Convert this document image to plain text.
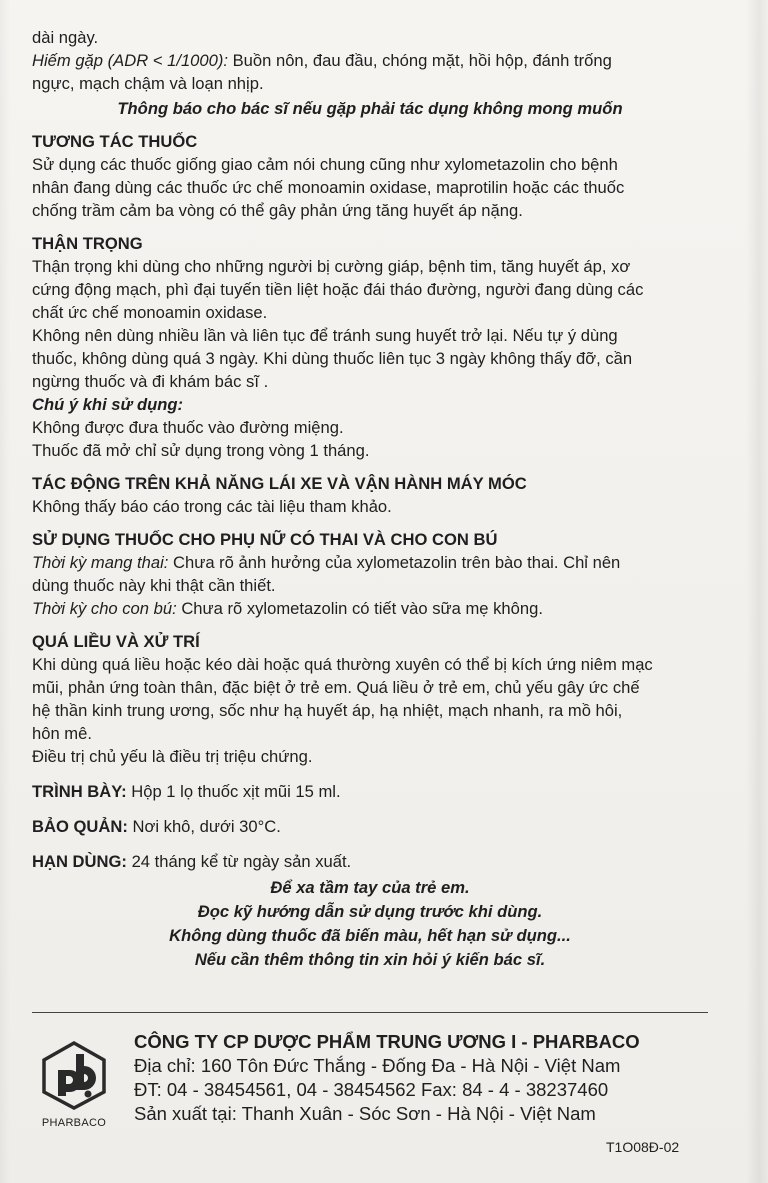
dài ngày.
Hiếm gặp (ADR < 1/1000): Buồn nôn, đau đầu, chóng mặt, hồi hộp, đánh trống
ngực, mạch chậm và loạn nhịp.
Thông báo cho bác sĩ nếu gặp phải tác dụng không mong muốn
TƯƠNG TÁC THUỐC
Sử dụng các thuốc giống giao cảm nói chung cũng như xylometazolin cho bệnh
nhân đang dùng các thuốc ức chế monoamin oxidase, maprotilin hoặc các thuốc
chống trầm cảm ba vòng có thể gây phản ứng tăng huyết áp nặng.
THẬN TRỌNG
Thận trọng khi dùng cho những người bị cường giáp, bệnh tim, tăng huyết áp, xơ
cứng động mạch, phì đại tuyến tiền liệt hoặc đái tháo đường, người đang dùng các
chất ức chế monoamin oxidase.
Không nên dùng nhiều lần và liên tục để tránh sung huyết trở lại. Nếu tự ý dùng
thuốc, không dùng quá 3 ngày. Khi dùng thuốc liên tục 3 ngày không thấy đỡ, cần
ngừng thuốc và đi khám bác sĩ .
Chú ý khi sử dụng:
Không được đưa thuốc vào đường miệng.
Thuốc đã mở chỉ sử dụng trong vòng 1 tháng.
TÁC ĐỘNG TRÊN KHẢ NĂNG LÁI XE VÀ VẬN HÀNH MÁY MÓC
Không thấy báo cáo trong các tài liệu tham khảo.
SỬ DỤNG THUỐC CHO PHỤ NỮ CÓ THAI VÀ CHO CON BÚ
Thời kỳ mang thai: Chưa rõ ảnh hưởng của xylometazolin trên bào thai. Chỉ nên
dùng thuốc này khi thật cần thiết.
Thời kỳ cho con bú: Chưa rõ xylometazolin có tiết vào sữa mẹ không.
QUÁ LIỀU VÀ XỬ TRÍ
Khi dùng quá liều hoặc kéo dài hoặc quá thường xuyên có thể bị kích ứng niêm mạc
mũi, phản ứng toàn thân, đặc biệt ở trẻ em. Quá liều ở trẻ em, chủ yếu gây ức chế
hệ thần kinh trung ương, sốc như hạ huyết áp, hạ nhiệt, mạch nhanh, ra mồ hôi,
hôn mê.
Điều trị chủ yếu là điều trị triệu chứng.
TRÌNH BÀY: Hộp 1 lọ thuốc xịt mũi 15 ml.
BẢO QUẢN: Nơi khô, dưới 30°C.
HẠN DÙNG: 24 tháng kể từ ngày sản xuất.
Để xa tầm tay của trẻ em.
Đọc kỹ hướng dẫn sử dụng trước khi dùng.
Không dùng thuốc đã biến màu, hết hạn sử dụng...
Nếu cần thêm thông tin xin hỏi ý kiến bác sĩ.
PHARBACO
CÔNG TY CP DƯỢC PHẨM TRUNG ƯƠNG I - PHARBACO
Địa chỉ: 160 Tôn Đức Thắng - Đống Đa - Hà Nội - Việt Nam
ĐT: 04 - 38454561, 04 - 38454562 Fax: 84 - 4 - 38237460
Sản xuất tại: Thanh Xuân - Sóc Sơn - Hà Nội - Việt Nam
T1O08Đ-02
